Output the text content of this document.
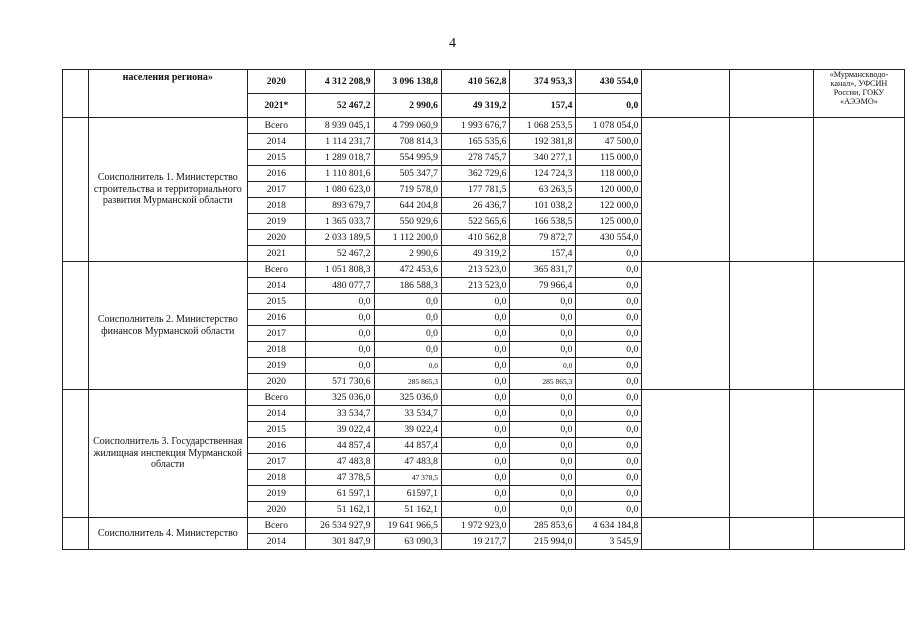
4
	населения региона»	2020	4 312 208,9	3 096 138,8	410 562,8	374 953,3	430 554,0			«Мурманскводо-канал», УФСИН России, ГОКУ «АЭЭМО»
		2021*	52 467,2	2 990,6	49 319,2	157,4	0,0			
	Соисполнитель 1. Министерство строительства и территориального развития Мурманской области	Всего	8 939 045,1	4 799 060,9	1 993 676,7	1 068 253,5	1 078 054,0			
		2014	1 114 231,7	708 814,3	165 535,6	192 381,8	47 500,0			
		2015	1 289 018,7	554 995,9	278 745,7	340 277,1	115 000,0			
		2016	1 110 801,6	505 347,7	362 729,6	124 724,3	118 000,0			
		2017	1 080 623,0	719 578,0	177 781,5	63 263,5	120 000,0			
		2018	893 679,7	644 204,8	26 436,7	101 038,2	122 000,0			
		2019	1 365 033,7	550 929,6	522 565,6	166 538,5	125 000,0			
		2020	2 033 189,5	1 112 200,0	410 562,8	79 872,7	430 554,0			
		2021	52 467,2	2 990,6	49 319,2	157,4	0,0			
	Соисполнитель 2. Министерство финансов Мурманской области	Всего	1 051 808,3	472 453,6	213 523,0	365 831,7	0,0			
		2014	480 077,7	186 588,3	213 523,0	79 966,4	0,0			
		2015	0,0	0,0	0,0	0,0	0,0			
		2016	0,0	0,0	0,0	0,0	0,0			
		2017	0,0	0,0	0,0	0,0	0,0			
		2018	0,0	0,0	0,0	0,0	0,0			
		2019	0,0	0,0	0,0	0,0	0,0			
		2020	571 730,6	285 865,3	0,0	285 865,3	0,0			
	Соисполнитель 3. Государственная жилищная инспекция Мурманской области	Всего	325 036,0	325 036,0	0,0	0,0	0,0			
		2014	33 534,7	33 534,7	0,0	0,0	0,0			
		2015	39 022,4	39 022,4	0,0	0,0	0,0			
		2016	44 857,4	44 857,4	0,0	0,0	0,0			
		2017	47 483,8	47 483,8	0,0	0,0	0,0			
		2018	47 378,5	47 378,5	0,0	0,0	0,0			
		2019	61 597,1	61597,1	0,0	0,0	0,0			
		2020	51 162,1	51 162,1	0,0	0,0	0,0			
	Соисполнитель 4. Министерство	Всего	26 534 927,9	19 641 966,5	1 972 923,0	285 853,6	4 634 184,8			
		2014	301 847,9	63 090,3	19 217,7	215 994,0	3 545,9			
